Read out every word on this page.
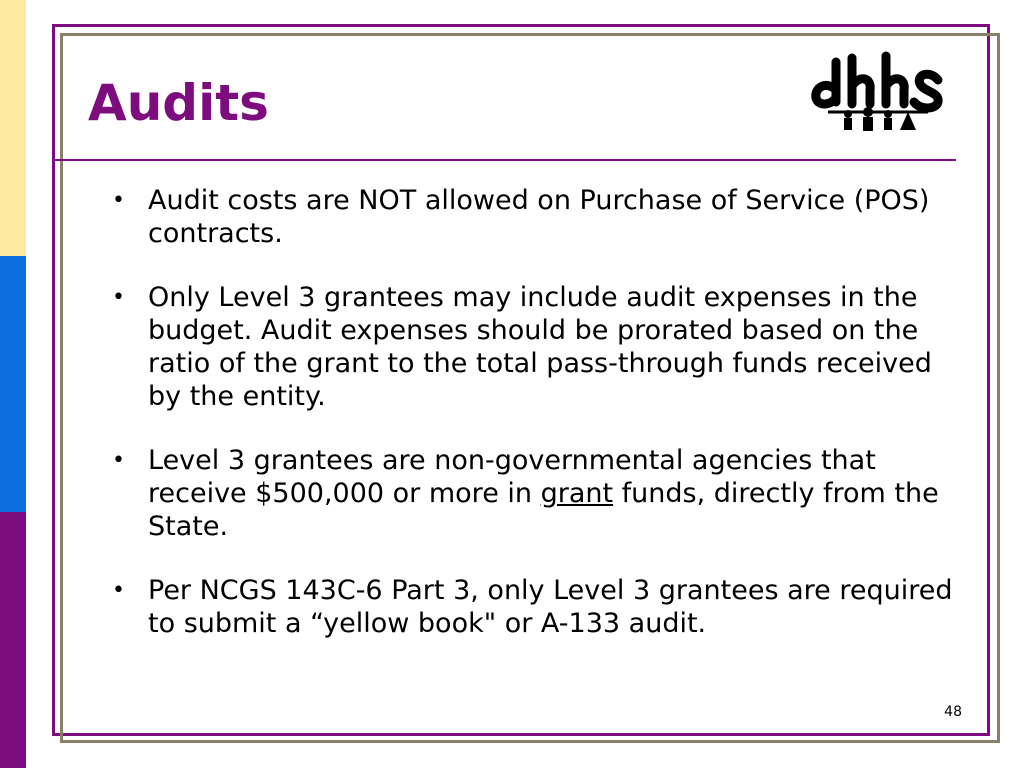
Audits
• Audit costs are NOT allowed on Purchase of Service (POS) contracts.
• Only Level 3 grantees may include audit expenses in the budget. Audit expenses should be prorated based on the ratio of the grant to the total pass-through funds received by the entity.
• Level 3 grantees are non-governmental agencies that receive $500,000 or more in grant funds, directly from the State.
• Per NCGS 143C-6 Part 3, only Level 3 grantees are required to submit a “yellow book" or A-133 audit.
48
